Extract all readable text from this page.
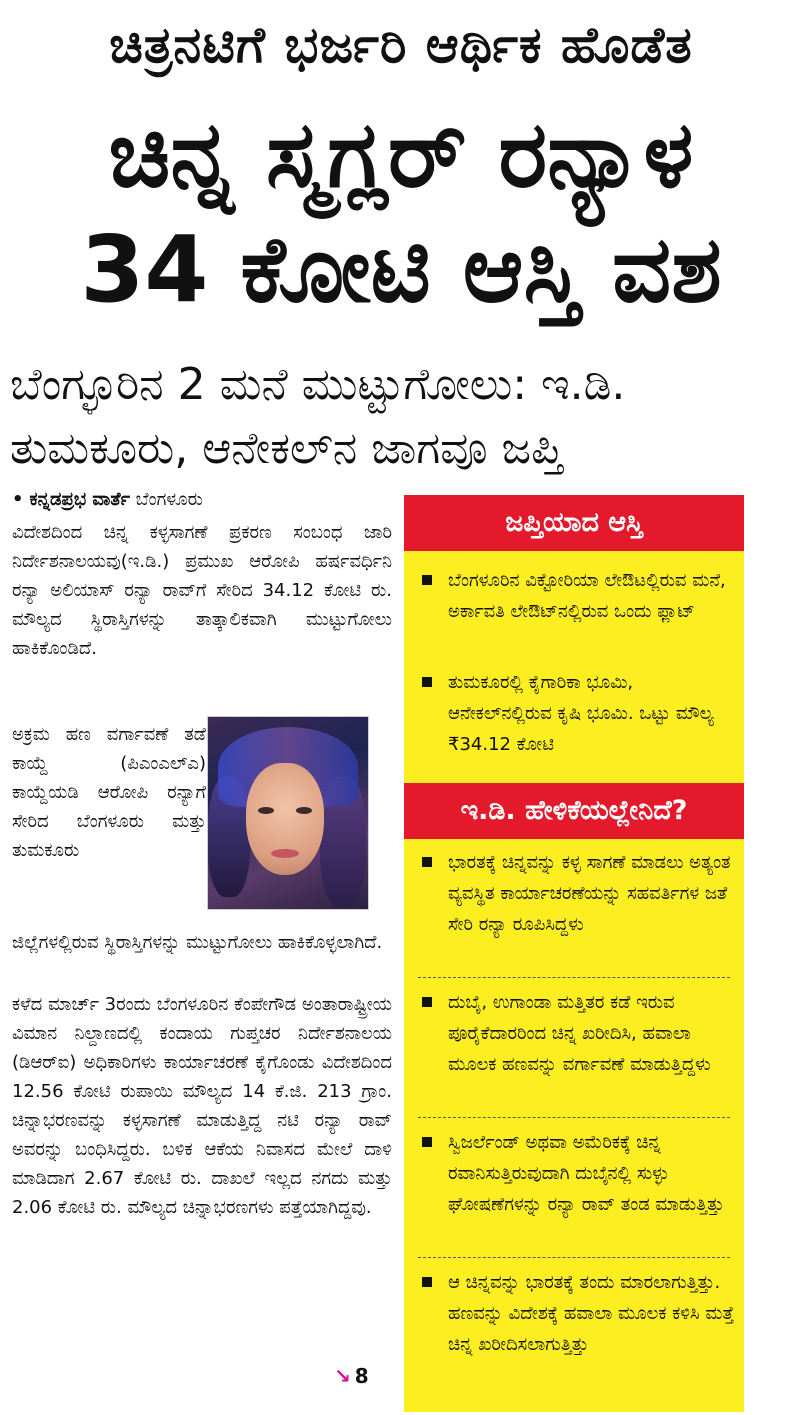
ಚಿತ್ರನಟಿಗೆ ಭರ್ಜರಿ ಆರ್ಥಿಕ ಹೊಡೆತ
ಚಿನ್ನ ಸ್ಮಗ್ಲರ್ ರನ್ಯಾಳ
34 ಕೋಟಿ ಆಸ್ತಿ ವಶ
ಬೆಂಗ್ಳೂರಿನ 2 ಮನೆ ಮುಟ್ಟುಗೋಲು: ಇ.ಡಿ.
ತುಮಕೂರು, ಆನೇಕಲ್‌ನ ಜಾಗವೂ ಜಪ್ತಿ
• ಕನ್ನಡಪ್ರಭ ವಾರ್ತೆ ಬೆಂಗಳೂರು
ವಿದೇಶದಿಂದ ಚಿನ್ನ ಕಳ್ಳಸಾಗಣೆ ಪ್ರಕರಣ ಸಂಬಂಧ ಜಾರಿ ನಿರ್ದೇಶನಾಲಯವು(ಇ.ಡಿ.) ಪ್ರಮುಖ ಆರೋಪಿ ಹರ್ಷವರ್ಧಿನಿ ರನ್ಯಾ ಅಲಿಯಾಸ್ ರನ್ಯಾ ರಾವ್‌ಗೆ ಸೇರಿದ 34.12 ಕೋಟಿ ರು. ಮೌಲ್ಯದ ಸ್ಥಿರಾಸ್ತಿಗಳನ್ನು ತಾತ್ಕಾಲಿಕವಾಗಿ ಮುಟ್ಟುಗೋಲು ಹಾಕಿಕೊಂಡಿದೆ.
ಅಕ್ರಮ ಹಣ ವರ್ಗಾವಣೆ ತಡೆ ಕಾಯ್ದೆ (ಪಿಎಂಎಲ್‌ಎ) ಕಾಯ್ದೆಯಡಿ ಆರೋಪಿ ರನ್ಯಾಗೆ ಸೇರಿದ ಬೆಂಗಳೂರು ಮತ್ತು ತುಮಕೂರು
ಜಿಲ್ಲೆಗಳಲ್ಲಿರುವ ಸ್ಥಿರಾಸ್ತಿಗಳನ್ನು ಮುಟ್ಟುಗೋಲು ಹಾಕಿಕೊಳ್ಳಲಾಗಿದೆ.
ಕಳೆದ ಮಾರ್ಚ್ 3ರಂದು ಬೆಂಗಳೂರಿನ ಕೆಂಪೇಗೌಡ ಅಂತಾರಾಷ್ಟ್ರೀಯ ವಿಮಾನ ನಿಲ್ದಾಣದಲ್ಲಿ ಕಂದಾಯ ಗುಪ್ತಚರ ನಿರ್ದೇಶನಾಲಯ (ಡಿಆರ್‌ಐ) ಅಧಿಕಾರಿಗಳು ಕಾರ್ಯಾಚರಣೆ ಕೈಗೊಂಡು ವಿದೇಶದಿಂದ 12.56 ಕೋಟಿ ರುಪಾಯಿ ಮೌಲ್ಯದ 14 ಕೆ.ಜಿ. 213 ಗ್ರಾಂ. ಚಿನ್ನಾಭರಣವನ್ನು ಕಳ್ಳಸಾಗಣೆ ಮಾಡುತ್ತಿದ್ದ ನಟಿ ರನ್ಯಾ ರಾವ್ ಅವರನ್ನು ಬಂಧಿಸಿದ್ದರು. ಬಳಿಕ ಆಕೆಯ ನಿವಾಸದ ಮೇಲೆ ದಾಳಿ ಮಾಡಿದಾಗ 2.67 ಕೋಟಿ ರು. ದಾಖಲೆ ಇಲ್ಲದ ನಗದು ಮತ್ತು 2.06 ಕೋಟಿ ರು. ಮೌಲ್ಯದ ಚಿನ್ನಾಭರಣಗಳು ಪತ್ತೆಯಾಗಿದ್ದವು.
↘ 8
ಜಪ್ತಿಯಾದ ಆಸ್ತಿ
ಬೆಂಗಳೂರಿನ ವಿಕ್ಟೋರಿಯಾ ಲೇಔಟಲ್ಲಿರುವ ಮನೆ, ಅರ್ಕಾವತಿ ಲೇಔಟ್‌ನಲ್ಲಿರುವ ಒಂದು ಫ್ಲಾಟ್
ತುಮಕೂರಲ್ಲಿ ಕೈಗಾರಿಕಾ ಭೂಮಿ, ಆನೇಕಲ್‌ನಲ್ಲಿರುವ ಕೃಷಿ ಭೂಮಿ. ಒಟ್ಟು ಮೌಲ್ಯ ₹34.12 ಕೋಟಿ
ಇ.ಡಿ. ಹೇಳಿಕೆಯಲ್ಲೇನಿದೆ?
ಭಾರತಕ್ಕೆ ಚಿನ್ನವನ್ನು ಕಳ್ಳ ಸಾಗಣೆ ಮಾಡಲು ಅತ್ಯಂತ ವ್ಯವಸ್ಥಿತ ಕಾರ್ಯಾಚರಣೆಯನ್ನು ಸಹವರ್ತಿಗಳ ಜತೆ ಸೇರಿ ರನ್ಯಾ ರೂಪಿಸಿದ್ದಳು
ದುಬೈ, ಉಗಾಂಡಾ ಮತ್ತಿತರ ಕಡೆ ಇರುವ ಪೂರೈಕೆದಾರರಿಂದ ಚಿನ್ನ ಖರೀದಿಸಿ, ಹವಾಲಾ ಮೂಲಕ ಹಣವನ್ನು ವರ್ಗಾವಣೆ ಮಾಡುತ್ತಿದ್ದಳು
ಸ್ವಿಜರ್ಲೆಂಡ್ ಅಥವಾ ಅಮೆರಿಕಕ್ಕೆ ಚಿನ್ನ ರವಾನಿಸುತ್ತಿರುವುದಾಗಿ ದುಬೈನಲ್ಲಿ ಸುಳ್ಳು ಘೋಷಣೆಗಳನ್ನು ರನ್ಯಾ ರಾವ್ ತಂಡ ಮಾಡುತ್ತಿತ್ತು
ಆ ಚಿನ್ನವನ್ನು ಭಾರತಕ್ಕೆ ತಂದು ಮಾರಲಾಗುತ್ತಿತ್ತು. ಹಣವನ್ನು ವಿದೇಶಕ್ಕೆ ಹವಾಲಾ ಮೂಲಕ ಕಳಿಸಿ ಮತ್ತೆ ಚಿನ್ನ ಖರೀದಿಸಲಾಗುತ್ತಿತ್ತು
